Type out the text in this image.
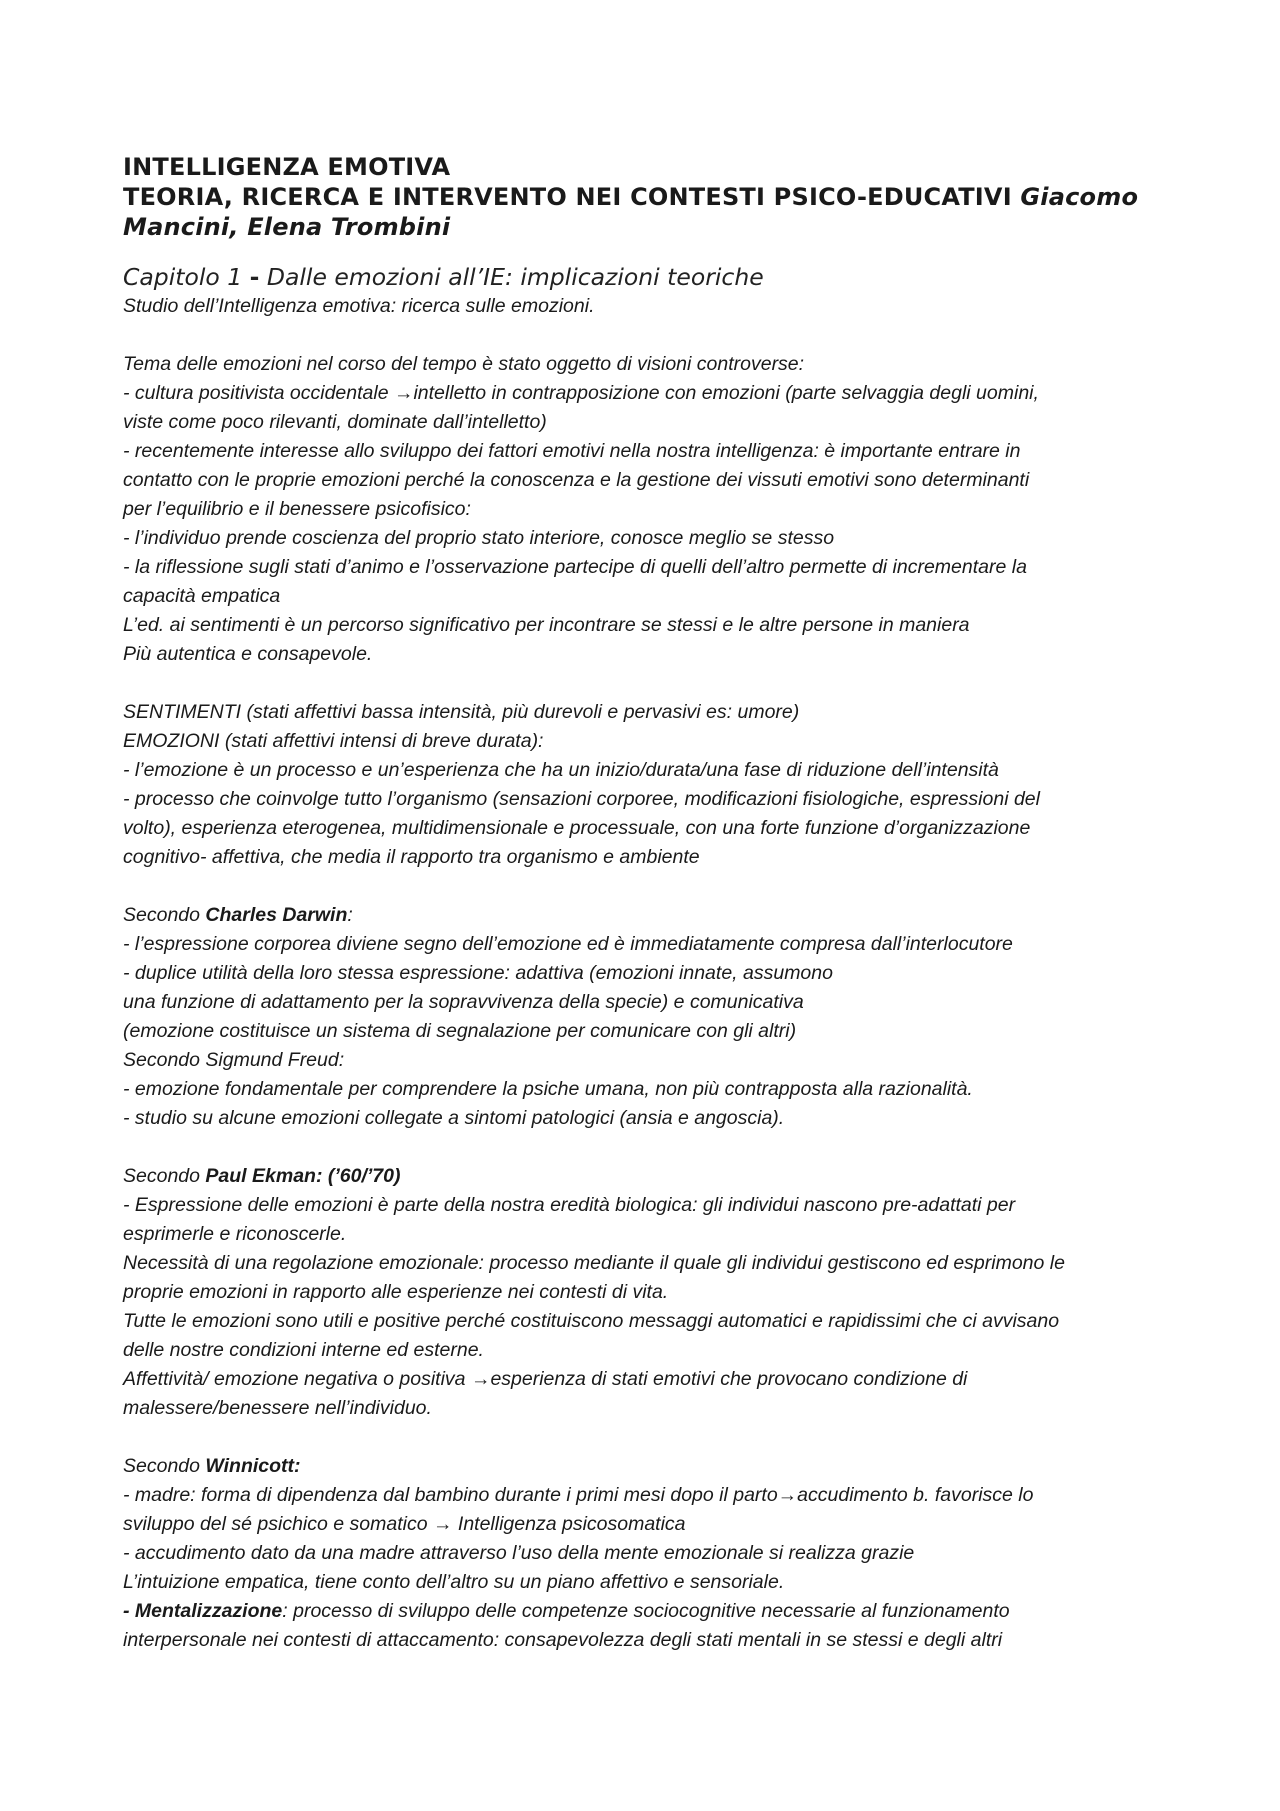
INTELLIGENZA EMOTIVA
TEORIA, RICERCA E INTERVENTO NEI CONTESTI PSICO-EDUCATIVI Giacomo
Mancini, Elena Trombini
Capitolo 1 - Dalle emozioni all’IE: implicazioni teoriche

Studio dell’Intelligenza emotiva: ricerca sulle emozioni.

Tema delle emozioni nel corso del tempo è stato oggetto di visioni controverse:

- cultura positivista occidentale →intelletto in contrapposizione con emozioni (parte selvaggia degli uomini,

viste come poco rilevanti, dominate dall’intelletto)

- recentemente interesse allo sviluppo dei fattori emotivi nella nostra intelligenza: è importante entrare in

contatto con le proprie emozioni perché la conoscenza e la gestione dei vissuti emotivi sono determinanti

per l’equilibrio e il benessere psicofisico:

- l’individuo prende coscienza del proprio stato interiore, conosce meglio se stesso

- la riflessione sugli stati d’animo e l’osservazione partecipe di quelli dell’altro permette di incrementare la

capacità empatica

L’ed. ai sentimenti è un percorso significativo per incontrare se stessi e le altre persone in maniera

Più autentica e consapevole.

SENTIMENTI (stati affettivi bassa intensità, più durevoli e pervasivi es: umore)

EMOZIONI (stati affettivi intensi di breve durata):

- l’emozione è un processo e un’esperienza che ha un inizio/durata/una fase di riduzione dell’intensità

- processo che coinvolge tutto l’organismo (sensazioni corporee, modificazioni fisiologiche, espressioni del

volto), esperienza eterogenea, multidimensionale e processuale, con una forte funzione d’organizzazione

cognitivo- affettiva, che media il rapporto tra organismo e ambiente

Secondo Charles Darwin:

- l’espressione corporea diviene segno dell’emozione ed è immediatamente compresa dall’interlocutore

- duplice utilità della loro stessa espressione: adattiva (emozioni innate, assumono

una funzione di adattamento per la sopravvivenza della specie) e comunicativa

(emozione costituisce un sistema di segnalazione per comunicare con gli altri)

Secondo Sigmund Freud:

- emozione fondamentale per comprendere la psiche umana, non più contrapposta alla razionalità.

- studio su alcune emozioni collegate a sintomi patologici (ansia e angoscia).

Secondo Paul Ekman: (’60/’70)

- Espressione delle emozioni è parte della nostra eredità biologica: gli individui nascono pre-adattati per

esprimerle e riconoscerle.

Necessità di una regolazione emozionale: processo mediante il quale gli individui gestiscono ed esprimono le

proprie emozioni in rapporto alle esperienze nei contesti di vita.

Tutte le emozioni sono utili e positive perché costituiscono messaggi automatici e rapidissimi che ci avvisano

delle nostre condizioni interne ed esterne.

Affettività/ emozione negativa o positiva →esperienza di stati emotivi che provocano condizione di

malessere/benessere nell’individuo.

Secondo Winnicott:

- madre: forma di dipendenza dal bambino durante i primi mesi dopo il parto→accudimento b. favorisce lo

sviluppo del sé psichico e somatico → Intelligenza psicosomatica

- accudimento dato da una madre attraverso l’uso della mente emozionale si realizza grazie

L’intuizione empatica, tiene conto dell’altro su un piano affettivo e sensoriale.

- Mentalizzazione: processo di sviluppo delle competenze sociocognitive necessarie al funzionamento

interpersonale nei contesti di attaccamento: consapevolezza degli stati mentali in se stessi e degli altri
